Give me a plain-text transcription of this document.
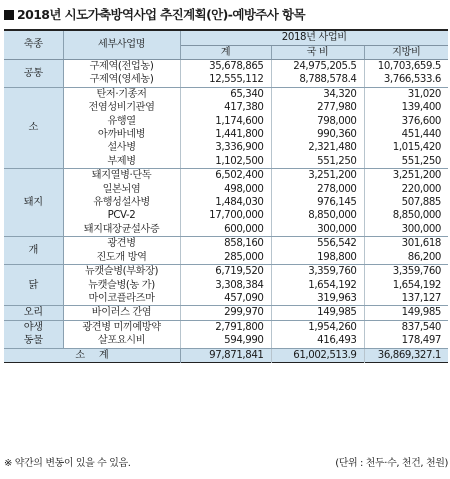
2018년 시도가축방역사업 추진계획(안)-예방주사 항목
축종	세부사업명	2018년 사업비		
		계	국 비	지방비
공통	구제역(전업농)	35,678,865	24,975,205.5	10,703,659.5
	구제역(영세농)	12,555,112	8,788,578.4	3,766,533.6
소	탄저·기종저	65,340	34,320	31,020
	전염성비기관염	417,380	277,980	139,400
	유행열	1,174,600	798,000	376,600
	아까바네병	1,441,800	990,360	451,440
	설사병	3,336,900	2,321,480	1,015,420
	부제병	1,102,500	551,250	551,250
돼지	돼지열병·단독	6,502,400	3,251,200	3,251,200
	일본뇌염	498,000	278,000	220,000
	유행성설사병	1,484,030	976,145	507,885
	PCV-2	17,700,000	8,850,000	8,850,000
	돼지대장균설사증	600,000	300,000	300,000
개	광견병	858,160	556,542	301,618
	진도개 방역	285,000	198,800	86,200
닭	뉴캣슬병(부화장)	6,719,520	3,359,760	3,359,760
	뉴캣슬병(농 가)	3,308,384	1,654,192	1,654,192
	마이코플라즈마	457,090	319,963	137,127
오리	바이러스 간염	299,970	149,985	149,985
야생
동물	광견병 미끼예방약	2,791,800	1,954,260	837,540
	살포요시비	594,990	416,493	178,497
소     계		97,871,841	61,002,513.9	36,869,327.1
※ 약간의 변동이 있을 수 있음.	(단위 : 천두·수, 천건, 천원)
